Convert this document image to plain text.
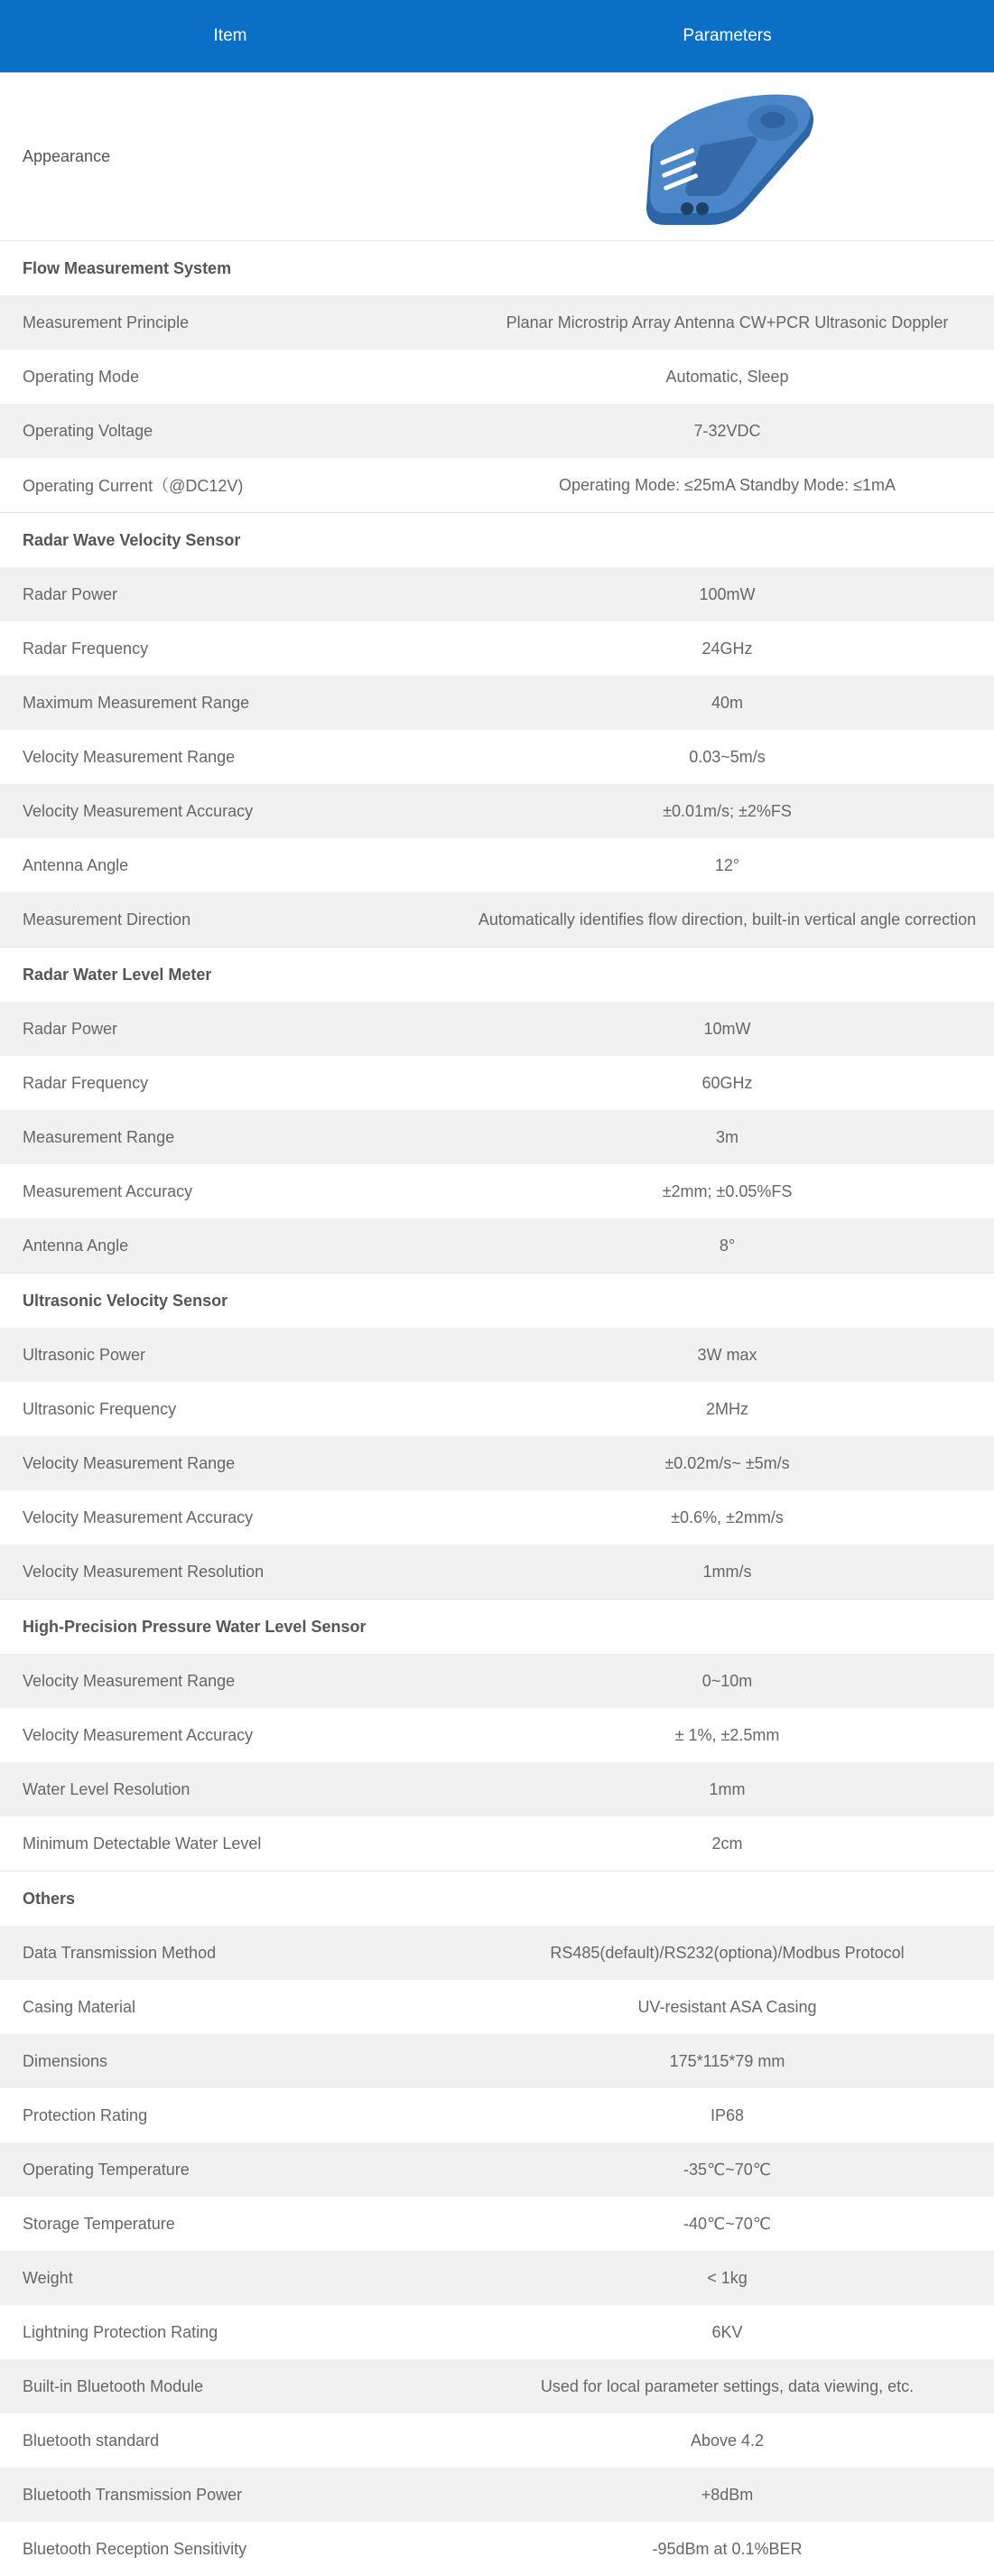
Item	Parameters
Appearance
Flow Measurement System
Measurement Principle	Planar Microstrip Array Antenna CW+PCR Ultrasonic Doppler
Operating Mode	Automatic, Sleep
Operating Voltage	7-32VDC
Operating Current（@DC12V)	Operating Mode: ≤25mA Standby Mode: ≤1mA
Radar Wave Velocity Sensor
Radar Power	100mW
Radar Frequency	24GHz
Maximum Measurement Range	40m
Velocity Measurement Range	0.03~5m/s
Velocity Measurement Accuracy	±0.01m/s; ±2%FS
Antenna Angle	12°
Measurement Direction	Automatically identifies flow direction, built-in vertical angle correction
Radar Water Level Meter
Radar Power	10mW
Radar Frequency	60GHz
Measurement Range	3m
Measurement Accuracy	±2mm; ±0.05%FS
Antenna Angle	8°
Ultrasonic Velocity Sensor
Ultrasonic Power	3W max
Ultrasonic Frequency	2MHz
Velocity Measurement Range	±0.02m/s~ ±5m/s
Velocity Measurement Accuracy	±0.6%, ±2mm/s
Velocity Measurement Resolution	1mm/s
High-Precision Pressure Water Level Sensor
Velocity Measurement Range	0~10m
Velocity Measurement Accuracy	± 1%, ±2.5mm
Water Level Resolution	1mm
Minimum Detectable Water Level	2cm
Others
Data Transmission Method	RS485(default)/RS232(optiona)/Modbus Protocol
Casing Material	UV-resistant ASA Casing
Dimensions	175*115*79 mm
Protection Rating	IP68
Operating Temperature	-35℃~70℃
Storage Temperature	-40℃~70℃
Weight	< 1kg
Lightning Protection Rating	6KV
Built-in Bluetooth Module	Used for local parameter settings, data viewing, etc.
Bluetooth standard	Above 4.2
Bluetooth Transmission Power	+8dBm
Bluetooth Reception Sensitivity	-95dBm at 0.1%BER
